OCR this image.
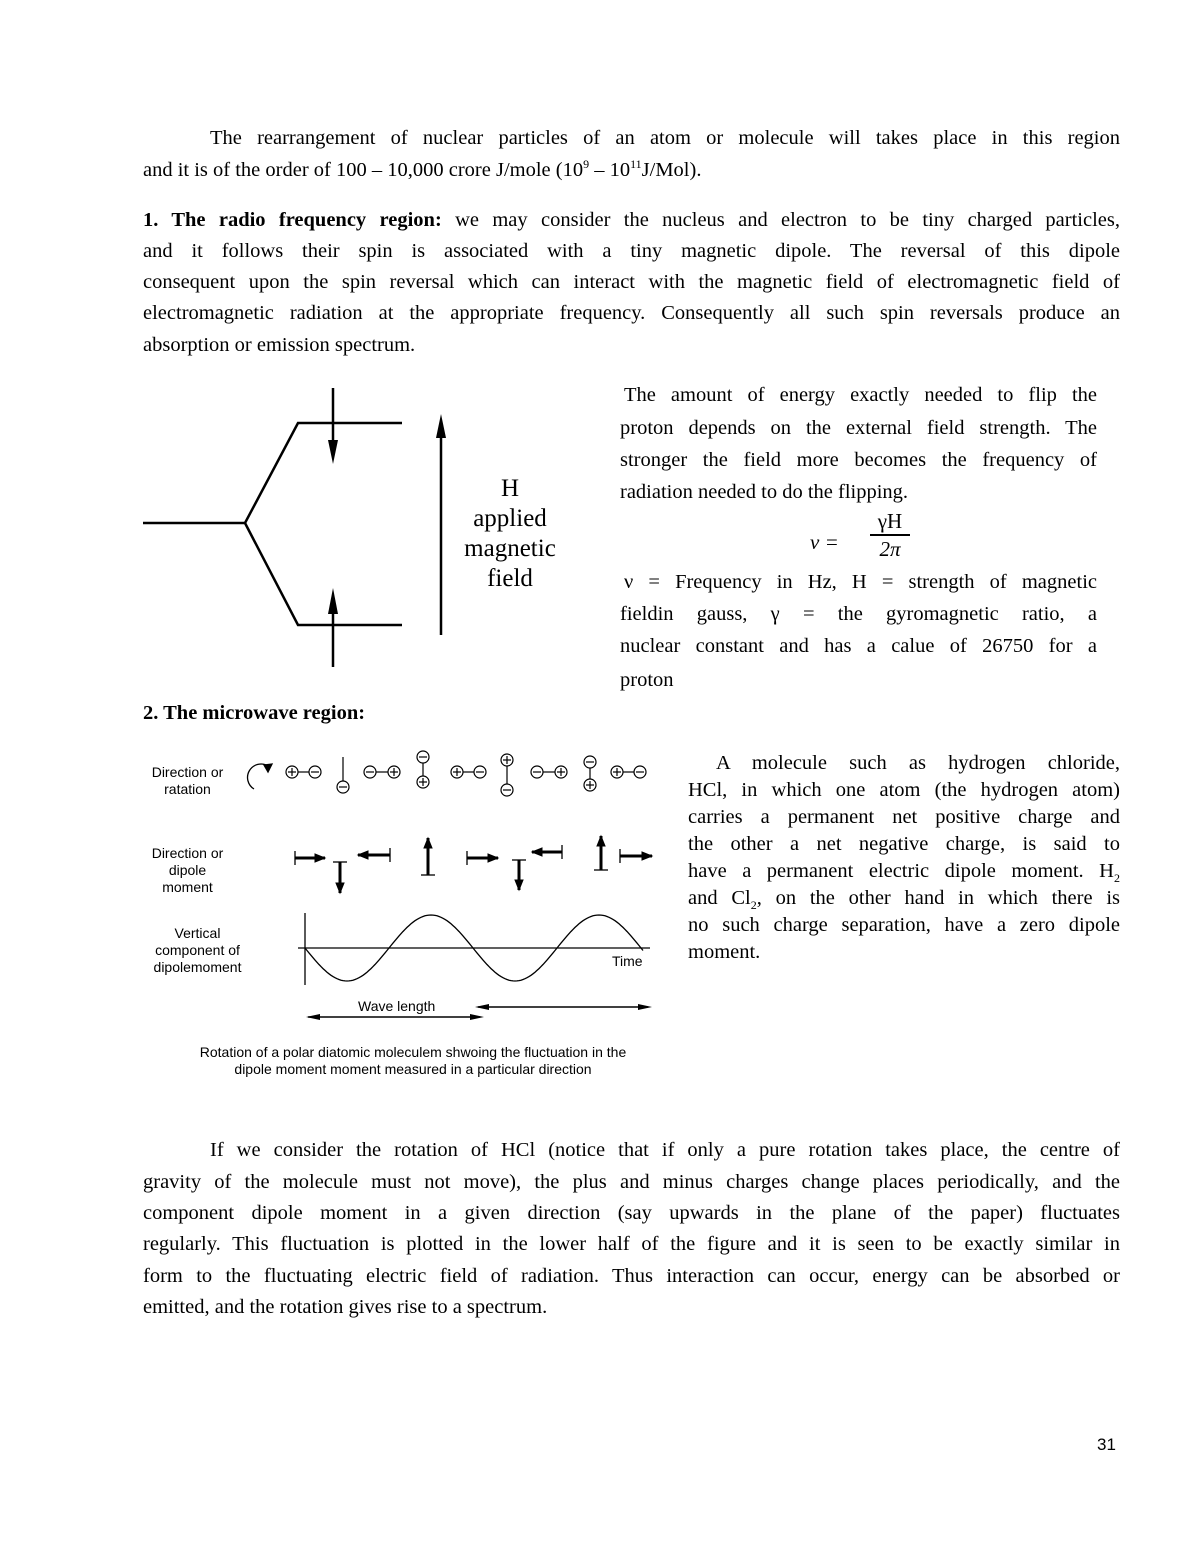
The rearrangement of nuclear particles of an atom or molecule will takes place in this region
and it is of the order of 100 – 10,000 crore J/mole $(10^9 - 10^{11}J/Mol)$.
1. The radio frequency region: we may consider the nucleus and electron to be tiny charged particles,
and it follows their spin is associated with a tiny magnetic dipole. The reversal of this dipole
consequent upon the spin reversal which can interact with the magnetic field of electromagnetic field of
electromagnetic radiation at the appropriate frequency. Consequently all such spin reversals produce an
absorption or emission spectrum.
H
applied
magnetic
field
The amount of energy exactly needed to flip the
proton depends on the external field strength. The
stronger the field more becomes the frequency of
radiation needed to do the flipping.
$\nu = \frac{\gamma H}{2\pi}$
ν = Frequency in Hz, H = strength of magnetic
fieldin gauss, γ = the gyromagnetic ratio, a
nuclear constant and has a calue of 26750 for a
proton
2. The microwave region:
Direction or
ratation
Direction or
dipole
moment
Vertical
component of
dipolemoment	Time
Wave length
Rotation of a polar diatomic moleculem shwoing the fluctuation in the
dipole moment moment measured in a particular direction
A molecule such as hydrogen chloride,
HCl, in which one atom (the hydrogen atom)
carries a permanent net positive charge and
the other a net negative charge, is said to
have a permanent electric dipole moment. $H_2$
and $Cl_2$, on the other hand in which there is
no such charge separation, have a zero dipole
moment.
If we consider the rotation of HCl (notice that if only a pure rotation takes place, the centre of
gravity of the molecule must not move), the plus and minus charges change places periodically, and the
component dipole moment in a given direction (say upwards in the plane of the paper) fluctuates
regularly. This fluctuation is plotted in the lower half of the figure and it is seen to be exactly similar in
form to the fluctuating electric field of radiation. Thus interaction can occur, energy can be absorbed or
emitted, and the rotation gives rise to a spectrum.
31
